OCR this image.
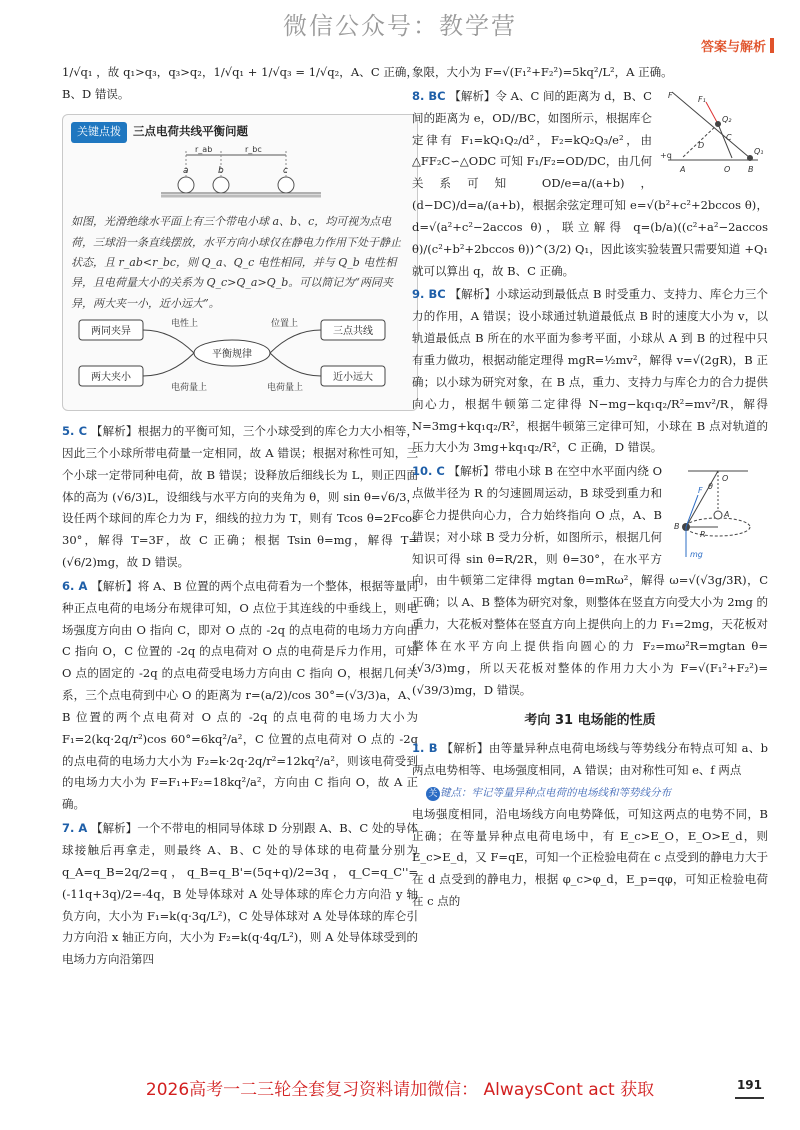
微信公众号：教学营
答案与解析

1/√q₁ ，故 q₁>q₃，q₃>q₂，1/√q₁ + 1/√q₃ = 1/√q₂，A、C 正确，B、D 错误。

关键点拨 三点电荷共线平衡问题
r_ab	r_bc
a	b	c
如图，光滑绝缘水平面上有三个带电小球 a、b、c，均可视为点电荷，三球沿一条直线摆放，水平方向小球仅在静电力作用下处于静止状态，且 r_ab<r_bc，则 Q_a、Q_c 电性相同，并与 Q_b 电性相异，且电荷量大小的关系为 Q_c>Q_a>Q_b。可以简记为“两同夹异，两大夹一小，近小远大”。
平衡规律
两同夹异
两大夹小
三点共线
近小远大
电性上
电荷量上
位置上
电荷量上

5. C 【解析】根据力的平衡可知，三个小球受到的库仑力大小相等，因此三个小球所带电荷量一定相同，故 A 错误；根据对称性可知，三个小球一定带同种电荷，故 B 错误；设释放后细线长为 L，则正四面体的高为 (√6/3)L，设细线与水平方向的夹角为 θ，则 sin θ=√6/3，设任两个球间的库仑力为 F，细线的拉力为 T，则有 Tcos θ=2Fcos 30°，解得 T=3F，故 C 正确；根据 Tsin θ=mg，解得 T=(√6/2)mg，故 D 错误。

6. A 【解析】将 A、B 位置的两个点电荷看为一个整体，根据等量同种正点电荷的电场分布规律可知，O 点位于其连线的中垂线上，则电场强度方向由 O 指向 C，即对 O 点的 -2q 的点电荷的电场力方向由 C 指向 O，C 位置的 -2q 的点电荷对 O 点的电荷是斥力作用，可知 O 点的固定的 -2q 的点电荷受电场力方向由 C 指向 O，根据几何关系，三个点电荷到中心 O 的距离为 r=(a/2)/cos 30°=(√3/3)a，A、B 位置的两个点电荷对 O 点的 -2q 的点电荷的电场力大小为 F₁=2(kq·2q/r²)cos 60°=6kq²/a²，C 位置的点电荷对 O 点的 -2q 的点电荷的电场力大小为 F₂=k·2q·2q/r²=12kq²/a²，则该电荷受到的电场力大小为 F=F₁+F₂=18kq²/a²，方向由 C 指向 O，故 A 正确。

7. A 【解析】一个不带电的相同导体球 D 分别跟 A、B、C 处的导体球接触后再拿走，则最终 A、B、C 处的导体球的电荷量分别为 q_A=q_B=2q/2=q，q_B=q_B'=(5q+q)/2=3q，q_C=q_C''=(-11q+3q)/2=-4q，B 处导体球对 A 处导体球的库仑力方向沿 y 轴负方向，大小为 F₁=k(q·3q/L²)，C 处导体球对 A 处导体球的库仑引力方向沿 x 轴正方向，大小为 F₂=k(q·4q/L²)，则 A 处导体球受到的电场力方向沿第四

象限，大小为 F=√(F₁²+F₂²)=5kq²/L²，A 正确。

F	F₁
Q₂
D
C
+q
A	O B
Q₁

8. BC 【解析】令 A、C 间的距离为 d，B、C 间的距离为 e，OD//BC，如图所示，根据库仑定律有 F₁=kQ₁Q₂/d²，F₂=kQ₂Q₃/e²，由△FF₂C∽△ODC 可知 F₁/F₂=OD/DC，由几何关系可知 OD/e=a/(a+b)，(d−DC)/d=a/(a+b)，根据余弦定理可知 e=√(b²+c²+2bccos θ)，d=√(a²+c²−2accos θ)，联立解得 q=(b/a)((c²+a²−2accos θ)/(c²+b²+2bccos θ))^(3/2) Q₁，因此该实验装置只需要知道 +Q₁ 就可以算出 q，故 B、C 正确。

9. BC 【解析】小球运动到最低点 B 时受重力、支持力、库仑力三个力的作用，A 错误；设小球通过轨道最低点 B 时的速度大小为 v，以轨道最低点 B 所在的水平面为参考平面，小球从 A 到 B 的过程中只有重力做功，根据动能定理得 mgR=½mv²，解得 v=√(2gR)，B 正确；以小球为研究对象，在 B 点，重力、支持力与库仑力的合力提供向心力，根据牛顿第二定律得 N−mg−kq₁q₂/R²=mv²/R，解得 N=3mg+kq₁q₂/R²，根据牛顿第三定律可知，小球在 B 点对轨道的压力大小为 3mg+kq₁q₂/R²，C 正确，D 错误。

O
A
B
R
θ
F
mg

10. C 【解析】带电小球 B 在空中水平面内绕 O 点做半径为 R 的匀速圆周运动，B 球受到重力和库仑力提供向心力，合力始终指向 O 点，A、B 错误；对小球 B 受力分析，如图所示，根据几何知识可得 sin θ=R/2R，则 θ=30°，在水平方向，由牛顿第二定律得 mgtan θ=mRω²，解得 ω=√(√3g/3R)，C 正确；以 A、B 整体为研究对象，则整体在竖直方向受大小为 2mg 的重力，大花板对整体在竖直方向上提供向上的力 F₁=2mg，天花板对整体在水平方向上提供指向圆心的力 F₂=mω²R=mgtan θ=(√3/3)mg，所以天花板对整体的作用力大小为 F=√(F₁²+F₂²)=(√39/3)mg，D 错误。

考向 31 电场能的性质

1. B 【解析】由等量异种点电荷电场线与等势线分布特点可知 a、b 两点电势相等、电场强度相同，A 错误；由对称性可知 e、f 两点

关 键点：牢记等量异种点电荷的电场线和等势线分布

电场强度相同，沿电场线方向电势降低，可知这两点的电势不同，B 正确；在等量异种点电荷电场中，有 E_c>E_O，E_O>E_d，则 E_c>E_d，又 F=qE，可知一个正检验电荷在 c 点受到的静电力大于在 d 点受到的静电力，根据 φ_c>φ_d，E_p=qφ，可知正检验电荷在 c 点的

2026高考一二三轮全套复习资料请加微信： AlwaysCont act 获取	191
